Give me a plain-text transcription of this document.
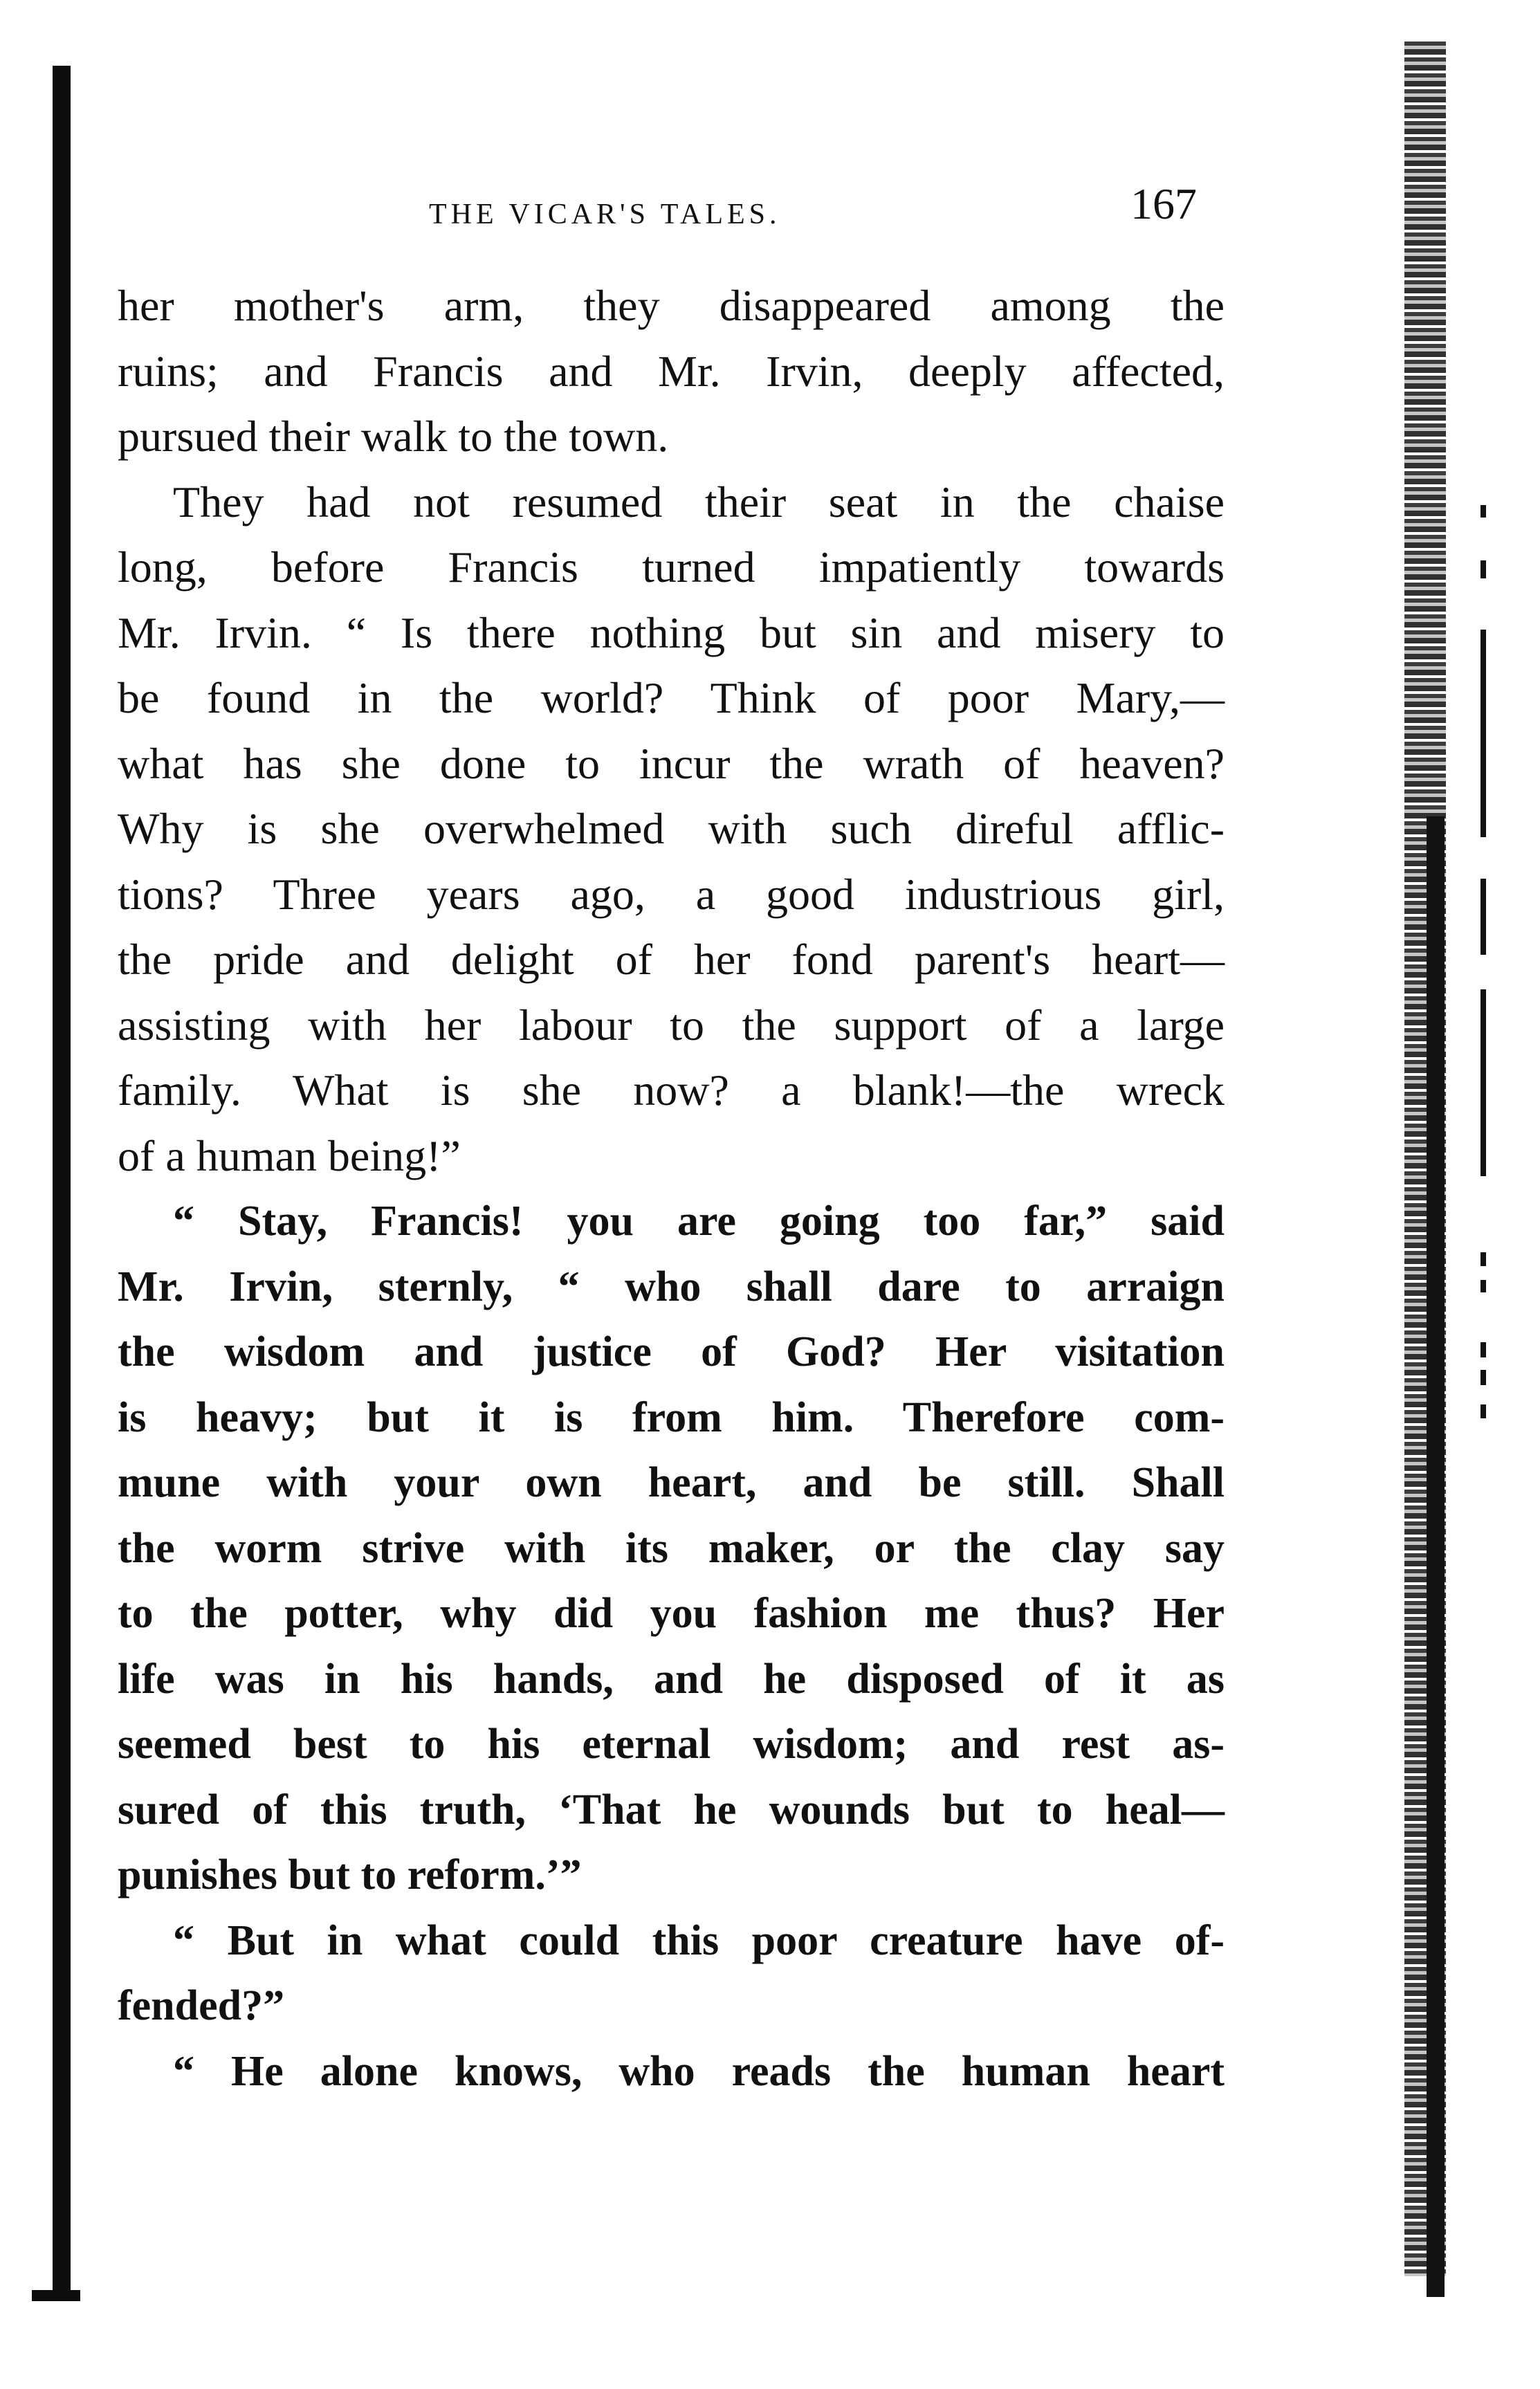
THE VICAR'S TALES.	167
her mother's arm, they disappeared among the
ruins; and Francis and Mr. Irvin, deeply affected,
pursued their walk to the town.
They had not resumed their seat in the chaise
long, before Francis turned impatiently towards
Mr. Irvin. “ Is there nothing but sin and misery to
be found in the world? Think of poor Mary,—
what has she done to incur the wrath of heaven?
Why is she overwhelmed with such direful afflic-
tions? Three years ago, a good industrious girl,
the pride and delight of her fond parent's heart—
assisting with her labour to the support of a large
family. What is she now? a blank!—the wreck
of a human being!”
“ Stay, Francis! you are going too far,” said
Mr. Irvin, sternly, “ who shall dare to arraign
the wisdom and justice of God? Her visitation
is heavy; but it is from him. Therefore com-
mune with your own heart, and be still. Shall
the worm strive with its maker, or the clay say
to the potter, why did you fashion me thus? Her
life was in his hands, and he disposed of it as
seemed best to his eternal wisdom; and rest as-
sured of this truth, ‘That he wounds but to heal—
punishes but to reform.’”
“ But in what could this poor creature have of-
fended?”
“ He alone knows, who reads the human heart
